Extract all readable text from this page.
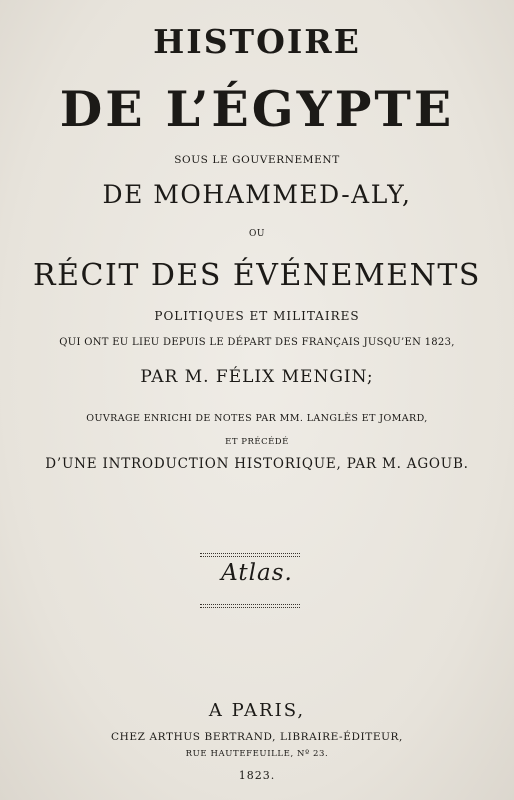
HISTOIRE
DE L’ÉGYPTE
SOUS LE GOUVERNEMENT
DE MOHAMMED-ALY,
OU
RÉCIT DES ÉVÉNEMENTS
POLITIQUES ET MILITAIRES
QUI ONT EU LIEU DEPUIS LE DÉPART DES FRANÇAIS JUSQU’EN 1823,
PAR M. FÉLIX MENGIN;
OUVRAGE ENRICHI DE NOTES PAR MM. LANGLÈS ET JOMARD,
ET PRÉCÉDÉ
D’UNE INTRODUCTION HISTORIQUE, PAR M. AGOUB.
Atlas.
A PARIS,
CHEZ ARTHUS BERTRAND, LIBRAIRE-ÉDITEUR,
RUE HAUTEFEUILLE, Nº 23.
1823.
